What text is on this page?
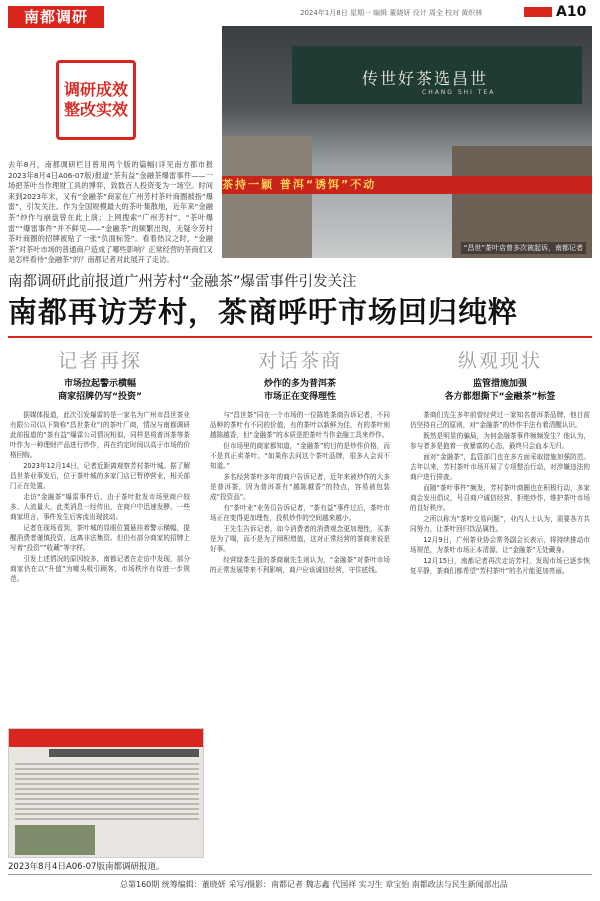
南都调研	2024年1月8日 星期一 编辑 董晓妍 设计 周全 校对 黄织林	A10
调研成效
整改实效
去年8月，南都调研栏目曾用两个版的篇幅(详见南方都市报2023年8月4日A06-07版)报道“茶有益”金融茶爆雷事件——一场把茶叶当作理财工具的博弈，致数百人投资变为一场空。时间来到2023年末，又有“金融茶”商家在广州芳村茶叶商圈被指“爆雷”，引发关注。作为全国规模最大的茶叶集散地，近年来“金融茶”炒作与崩盘曾在此上演；上网搜索“广州芳村”、“茶叶爆雷”“爆雷事件”并不鲜见——“金融茶”的频繁出现，无疑令芳村茶叶商圈的招牌被贴了一张“负面标签”。看着热议之时，“金融茶”对茶叶市场的普通商户造成了哪些影响？正常经营的茶商们又是怎样看待“金融茶”的？南都记者对此展开了走访。
传世好茶选昌世
CHANG SHI TEA
茶持一颖 普洱“诱饵”不动
“昌世”茶叶店曾多次被起诉，南都记者
南都调研此前报道广州芳村“金融茶”爆雷事件引发关注
南都再访芳村，茶商呼吁市场回归纯粹
记者再探
市场拉起警示横幅
商家招牌仍写“投资”

据媒体报道，此次引发爆雷的是一家名为广州市昌世茶业有限公司(以下简称“昌世茶业”)的茶叶厂商，情况与南都调研此前报道的“茶有益”爆雷公司情况相似，同样是将普洱茶等茶叶作为一种理财产品进行炒作，再在约定时间以高于市场的价格回购。

2023年12月14日，记者近距离观察芳村茶叶城。据了解昌世茶业事发后，位于茶叶城的多家门店已暂停营业，相关部门正在处置。

走访“金融茶”爆雷事件后，由于茶叶批发市场里商户较多、人流量大，此类消息一经传出，在商户中迅速发酵。一些商家坦言，事件发生后客流出现波动。

记者在现场看到，茶叶城的显眼位置悬挂着警示横幅，提醒消费者谨慎投资，远离非法集资。但仍有部分商家的招牌上写着“投资”“收藏”等字样。

引发上述情况的原因较多，南都记者在走访中发现，部分商家仍在以“升值”为噱头吸引顾客，市场秩序有待进一步规范。

2023年8月4日A06-07版南都调研报道。
对话茶商
炒作的多为普洱茶
市场正在变得理性

与“昌世茶”同在一个市场的一位陈姓茶商告诉记者，不同品种的茶叶有不同的价值，有的茶叶以新鲜为佳，有的茶叶则越陈越香，但“金融茶”的本质是把茶叶当作金融工具来炒作。

但市场里的商家都知道，“金融茶”的目的是炒作价格，而不是真正卖茶叶。“如果你去问这个茶叶品牌，很多人会说不知道。”

多名经营茶叶多年的商户告诉记者，近年来被炒作的大多是普洱茶，因为普洱茶有“越陈越香”的特点，容易被包装成“投资品”。

有“茶叶业”业务员告诉记者，“茶有益”事件过后，茶叶市场正在变得更加理性，投机炒作的空间越来越小。

王先生告诉记者，如今消费者的消费观念更加理性，买茶是为了喝，而不是为了囤积增值，这对正常经营的茶商来说是好事。

经营绿茶生意的茶商谢先生则认为，“金融茶”对茶叶市场的正常发展带来不利影响，商户应该诚信经营，守住底线。

纵观现状
监管措施加强
各方都想撕下“金融茶”标签

茶商们先生多年前曾经营过一家知名普洱茶品牌，他目前仍坚持自己的原则，对“金融茶”的炒作手法有着清醒认识。

既然是明显的骗局，为何金融茶事件频频发生？他认为，参与者多是抱着一夜暴富的心态，最终只会血本无归。

面对“金融茶”，监管部门也在多方面采取措施加强防范。去年以来，芳村茶叶市场开展了专项整治行动，对涉嫌违法的商户进行排查。

而随“茶叶事件”频发，芳村茶叶商圈也在积极行动，多家商会发出倡议，号召商户诚信经营、拒绝炒作，维护茶叶市场的良好秩序。

之所以称为“茶叶交易问题”，业内人士认为，需要各方共同努力，让茶叶回归饮品属性。

12月9日，广州茶业协会常务副会长表示，将持续推动市场规范，为茶叶市场正本清源，让“金融茶”无处藏身。

12月15日，南都记者再次走访芳村，发现市场已逐步恢复平静，茶商们都希望“芳村茶叶”的名片能更加亮丽。

总第160期 统筹编辑：董晓妍 采写/摄影：南都记者 魏志鑫 代国祥 实习生 章宝怡 南都政法与民生新闻部出品
